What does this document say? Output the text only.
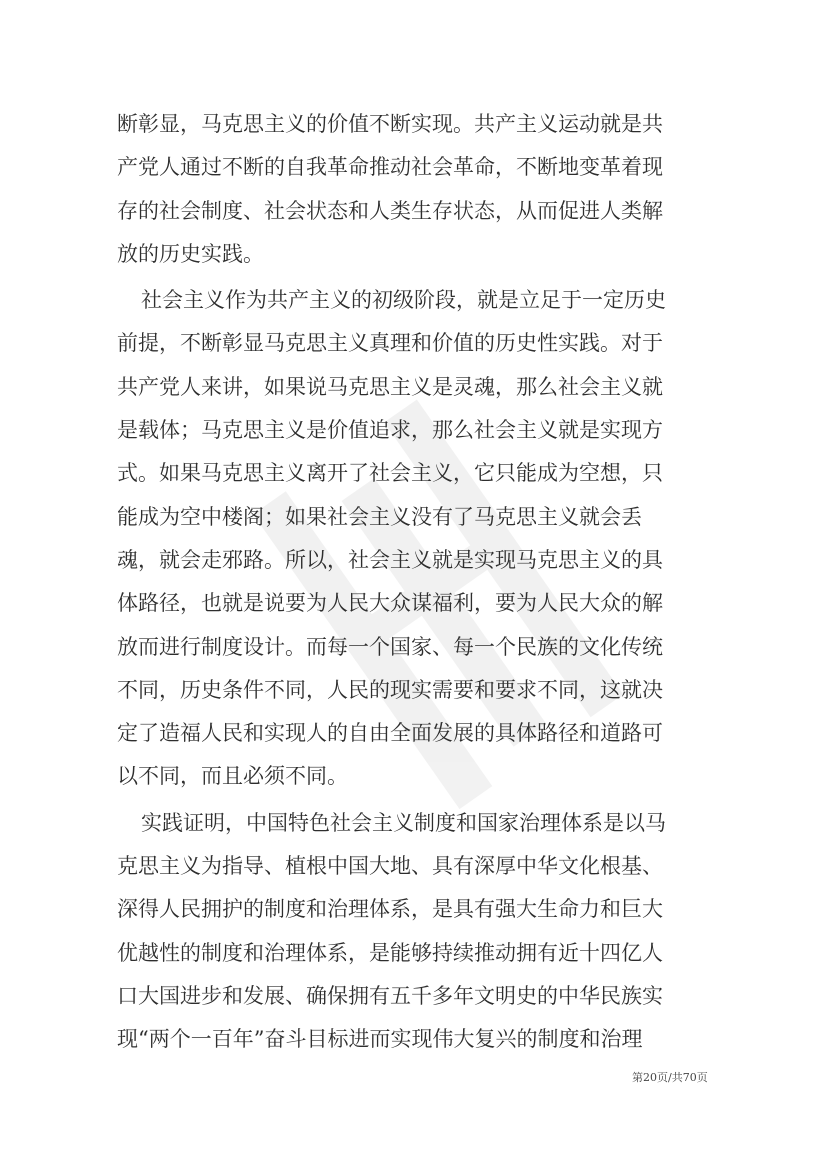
断彰显，马克思主义的价值不断实现。共产主义运动就是共
产党人通过不断的自我革命推动社会革命，不断地变革着现
存的社会制度、社会状态和人类生存状态，从而促进人类解
放的历史实践。
社会主义作为共产主义的初级阶段，就是立足于一定历史
前提，不断彰显马克思主义真理和价值的历史性实践。对于
共产党人来讲，如果说马克思主义是灵魂，那么社会主义就
是载体；马克思主义是价值追求，那么社会主义就是实现方
式。如果马克思主义离开了社会主义，它只能成为空想，只
能成为空中楼阁；如果社会主义没有了马克思主义就会丢
魂，就会走邪路。所以，社会主义就是实现马克思主义的具
体路径，也就是说要为人民大众谋福利，要为人民大众的解
放而进行制度设计。而每一个国家、每一个民族的文化传统
不同，历史条件不同，人民的现实需要和要求不同，这就决
定了造福人民和实现人的自由全面发展的具体路径和道路可
以不同，而且必须不同。
实践证明，中国特色社会主义制度和国家治理体系是以马
克思主义为指导、植根中国大地、具有深厚中华文化根基、
深得人民拥护的制度和治理体系，是具有强大生命力和巨大
优越性的制度和治理体系，是能够持续推动拥有近十四亿人
口大国进步和发展、确保拥有五千多年文明史的中华民族实
现“两个一百年”奋斗目标进而实现伟大复兴的制度和治理
第20页/共70页
